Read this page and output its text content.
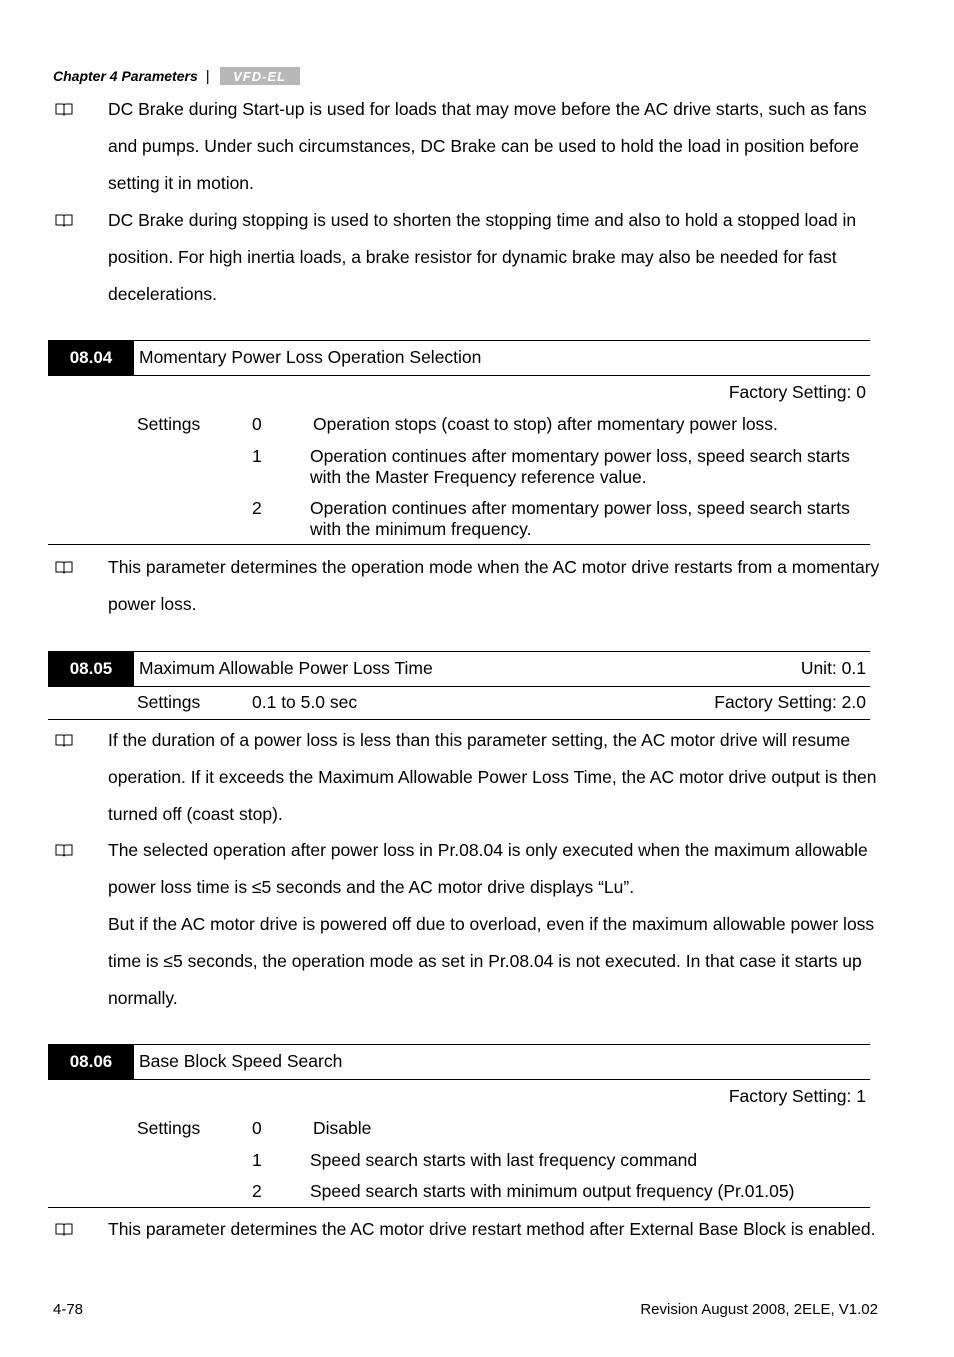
Chapter 4 Parameters |	VFD-EL
DC Brake during Start-up is used for loads that may move before the AC drive starts, such as fans and pumps. Under such circumstances, DC Brake can be used to hold the load in position before setting it in motion.
DC Brake during stopping is used to shorten the stopping time and also to hold a stopped load in position. For high inertia loads, a brake resistor for dynamic brake may also be needed for fast decelerations.
08.04	Momentary Power Loss Operation Selection
Factory Setting: 0
Settings	0	Operation stops (coast to stop) after momentary power loss.
1	Operation continues after momentary power loss, speed search starts with the Master Frequency reference value.
2	Operation continues after momentary power loss, speed search starts with the minimum frequency.
This parameter determines the operation mode when the AC motor drive restarts from a momentary power loss.
08.05	Maximum Allowable Power Loss Time	Unit: 0.1
Settings	0.1 to 5.0 sec	Factory Setting: 2.0
If the duration of a power loss is less than this parameter setting, the AC motor drive will resume operation. If it exceeds the Maximum Allowable Power Loss Time, the AC motor drive output is then turned off (coast stop).
The selected operation after power loss in Pr.08.04 is only executed when the maximum allowable power loss time is ≤5 seconds and the AC motor drive displays “Lu”.
But if the AC motor drive is powered off due to overload, even if the maximum allowable power loss time is ≤5 seconds, the operation mode as set in Pr.08.04 is not executed. In that case it starts up normally.
08.06	Base Block Speed Search
Factory Setting: 1
Settings	0	Disable
1	Speed search starts with last frequency command
2	Speed search starts with minimum output frequency (Pr.01.05)
This parameter determines the AC motor drive restart method after External Base Block is enabled.
4-78	Revision August 2008, 2ELE, V1.02
